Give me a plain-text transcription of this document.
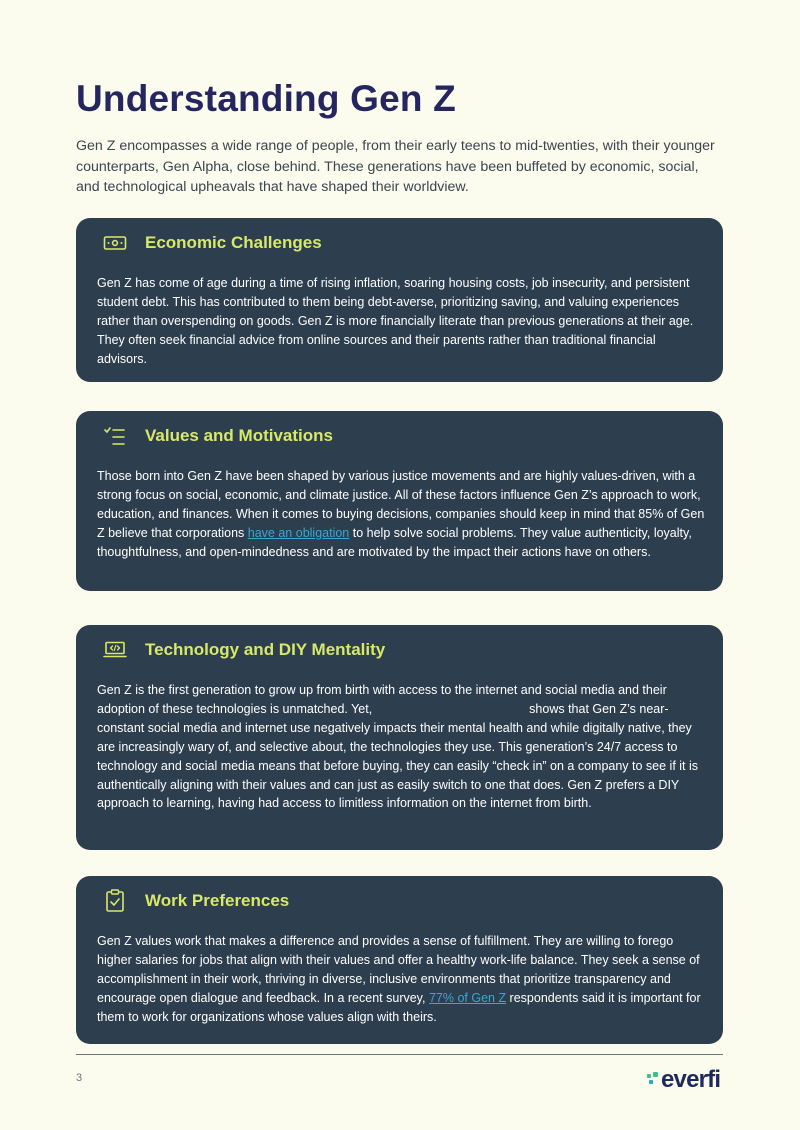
Understanding Gen Z

Gen Z encompasses a wide range of people, from their early teens to mid-twenties, with their younger counterparts, Gen Alpha, close behind. These generations have been buffeted by economic, social, and technological upheavals that have shaped their worldview.

Economic Challenges

Gen Z has come of age during a time of rising inflation, soaring housing costs, job insecurity, and persistent student debt. This has contributed to them being debt-averse, prioritizing saving, and valuing experiences rather than overspending on goods. Gen Z is more financially literate than previous generations at their age. They often seek financial advice from online sources and their parents rather than traditional financial advisors.

Values and Motivations

Those born into Gen Z have been shaped by various justice movements and are highly values-driven, with a strong focus on social, economic, and climate justice. All of these factors influence Gen Z’s approach to work, education, and finances. When it comes to buying decisions, companies should keep in mind that 85% of Gen Z believe that corporations have an obligation to help solve social problems. They value authenticity, loyalty, thoughtfulness, and open-mindedness and are motivated by the impact their actions have on others.

Technology and DIY Mentality

Gen Z is the first generation to grow up from birth with access to the internet and social media and their adoption of these technologies is unmatched. Yet,	shows that Gen Z’s near-constant social media and internet use negatively impacts their mental health and while digitally native, they are increasingly wary of, and selective about, the technologies they use. This generation’s 24/7 access to technology and social media means that before buying, they can easily “check in” on a company to see if it is authentically aligning with their values and can just as easily switch to one that does. Gen Z prefers a DIY approach to learning, having had access to limitless information on the internet from birth.

Work Preferences

Gen Z values work that makes a difference and provides a sense of fulfillment. They are willing to forego higher salaries for jobs that align with their values and offer a healthy work-life balance. They seek a sense of accomplishment in their work, thriving in diverse, inclusive environments that prioritize transparency and encourage open dialogue and feedback. In a recent survey, 77% of Gen Z respondents said it is important for them to work for organizations whose values align with theirs.

3	everfi
